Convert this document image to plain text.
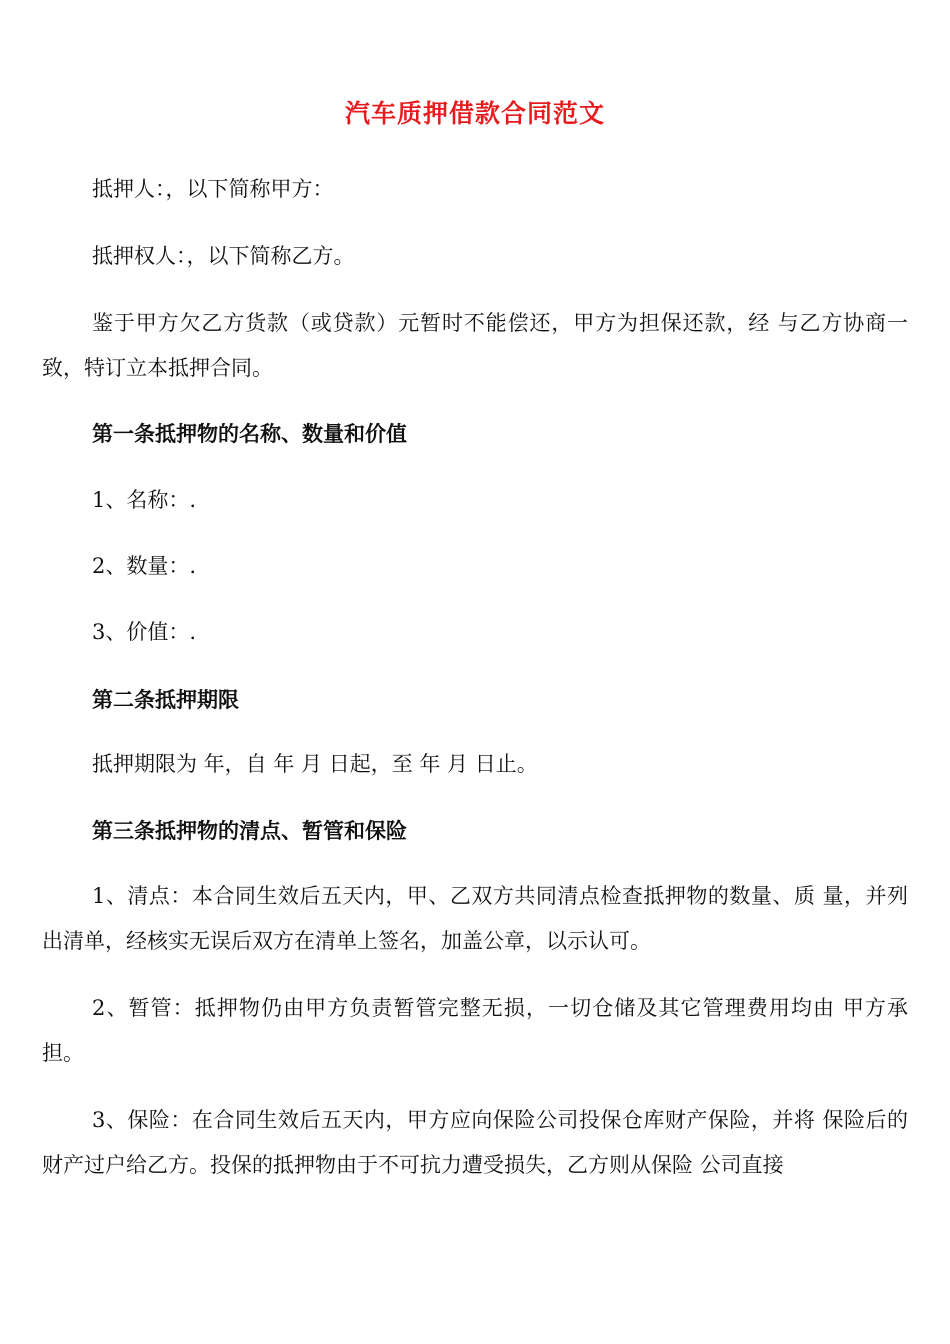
汽车质押借款合同范文

抵押人：，以下简称甲方：

抵押权人：，以下简称乙方。

鉴于甲方欠乙方货款（或贷款）元暂时不能偿还，甲方为担保还款，经 与乙方协商一致，特订立本抵押合同。

第一条抵押物的名称、数量和价值

1、名称：.

2、数量：.

3、价值：.

第二条抵押期限

抵押期限为 年，自 年 月 日起，至 年 月 日止。

第三条抵押物的清点、暂管和保险

1、清点：本合同生效后五天内，甲、乙双方共同清点检查抵押物的数量、质 量，并列出清单，经核实无误后双方在清单上签名，加盖公章，以示认可。

2、暂管：抵押物仍由甲方负责暂管完整无损，一切仓储及其它管理费用均由 甲方承担。

3、保险：在合同生效后五天内，甲方应向保险公司投保仓库财产保险，并将 保险后的财产过户给乙方。投保的抵押物由于不可抗力遭受损失，乙方则从保险 公司直接
